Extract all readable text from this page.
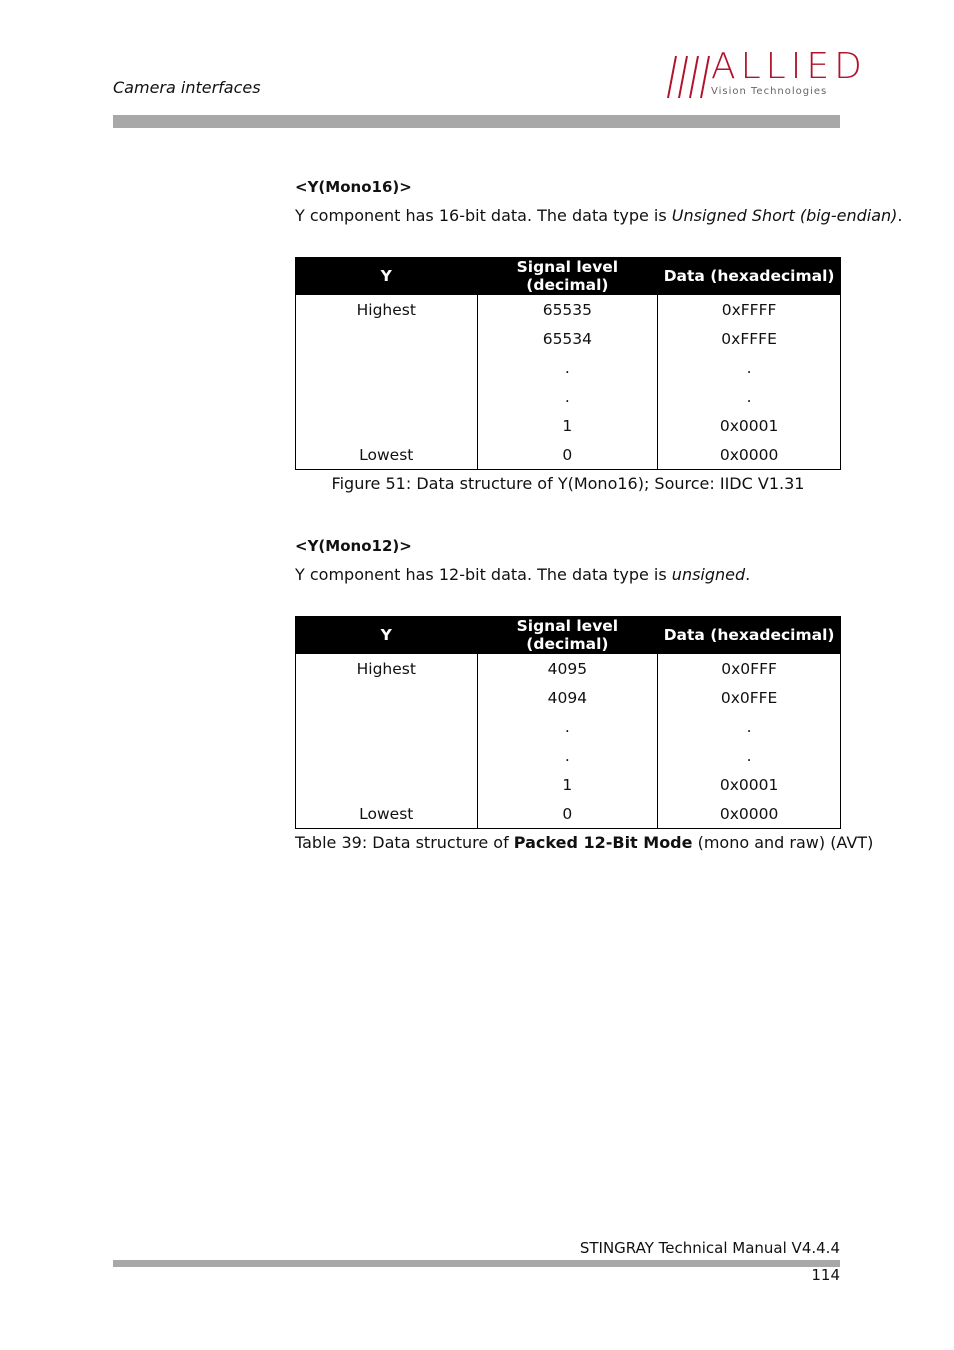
Camera interfaces
ALLIED
Vision Technologies
<Y(Mono16)>
Y component has 16-bit data. The data type is Unsigned Short (big-endian).
Y	Signal level (decimal)	Data (hexadecimal)
Highest	65535	0xFFFF
	65534	0xFFFE
	.	.
	.	.
	1	0x0001
Lowest	0	0x0000
Figure 51: Data structure of Y(Mono16); Source: IIDC V1.31
<Y(Mono12)>
Y component has 12-bit data. The data type is unsigned.
Y	Signal level (decimal)	Data (hexadecimal)
Highest	4095	0x0FFF
	4094	0x0FFE
	.	.
	.	.
	1	0x0001
Lowest	0	0x0000
Table 39: Data structure of Packed 12-Bit Mode (mono and raw) (AVT)
STINGRAY Technical Manual V4.4.4
114
